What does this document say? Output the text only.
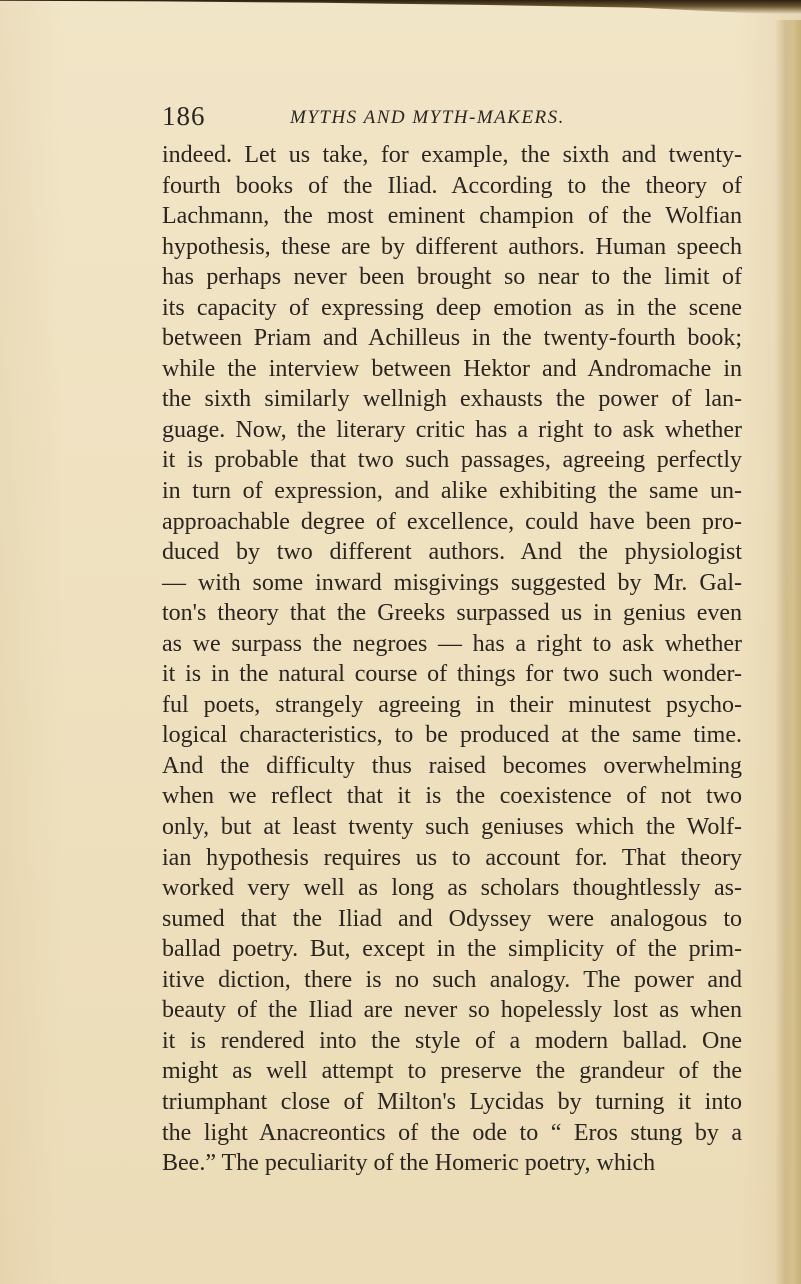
186	MYTHS AND MYTH-MAKERS.
indeed. Let us take, for example, the sixth and twenty-
fourth books of the Iliad. According to the theory of
Lachmann, the most eminent champion of the Wolfian
hypothesis, these are by different authors. Human speech
has perhaps never been brought so near to the limit of
its capacity of expressing deep emotion as in the scene
between Priam and Achilleus in the twenty-fourth book;
while the interview between Hektor and Andromache in
the sixth similarly wellnigh exhausts the power of lan-
guage. Now, the literary critic has a right to ask whether
it is probable that two such passages, agreeing perfectly
in turn of expression, and alike exhibiting the same un-
approachable degree of excellence, could have been pro-
duced by two different authors. And the physiologist
— with some inward misgivings suggested by Mr. Gal-
ton's theory that the Greeks surpassed us in genius even
as we surpass the negroes — has a right to ask whether
it is in the natural course of things for two such wonder-
ful poets, strangely agreeing in their minutest psycho-
logical characteristics, to be produced at the same time.
And the difficulty thus raised becomes overwhelming
when we reflect that it is the coexistence of not two
only, but at least twenty such geniuses which the Wolf-
ian hypothesis requires us to account for. That theory
worked very well as long as scholars thoughtlessly as-
sumed that the Iliad and Odyssey were analogous to
ballad poetry. But, except in the simplicity of the prim-
itive diction, there is no such analogy. The power and
beauty of the Iliad are never so hopelessly lost as when
it is rendered into the style of a modern ballad. One
might as well attempt to preserve the grandeur of the
triumphant close of Milton's Lycidas by turning it into
the light Anacreontics of the ode to “ Eros stung by a
Bee.” The peculiarity of the Homeric poetry, which
